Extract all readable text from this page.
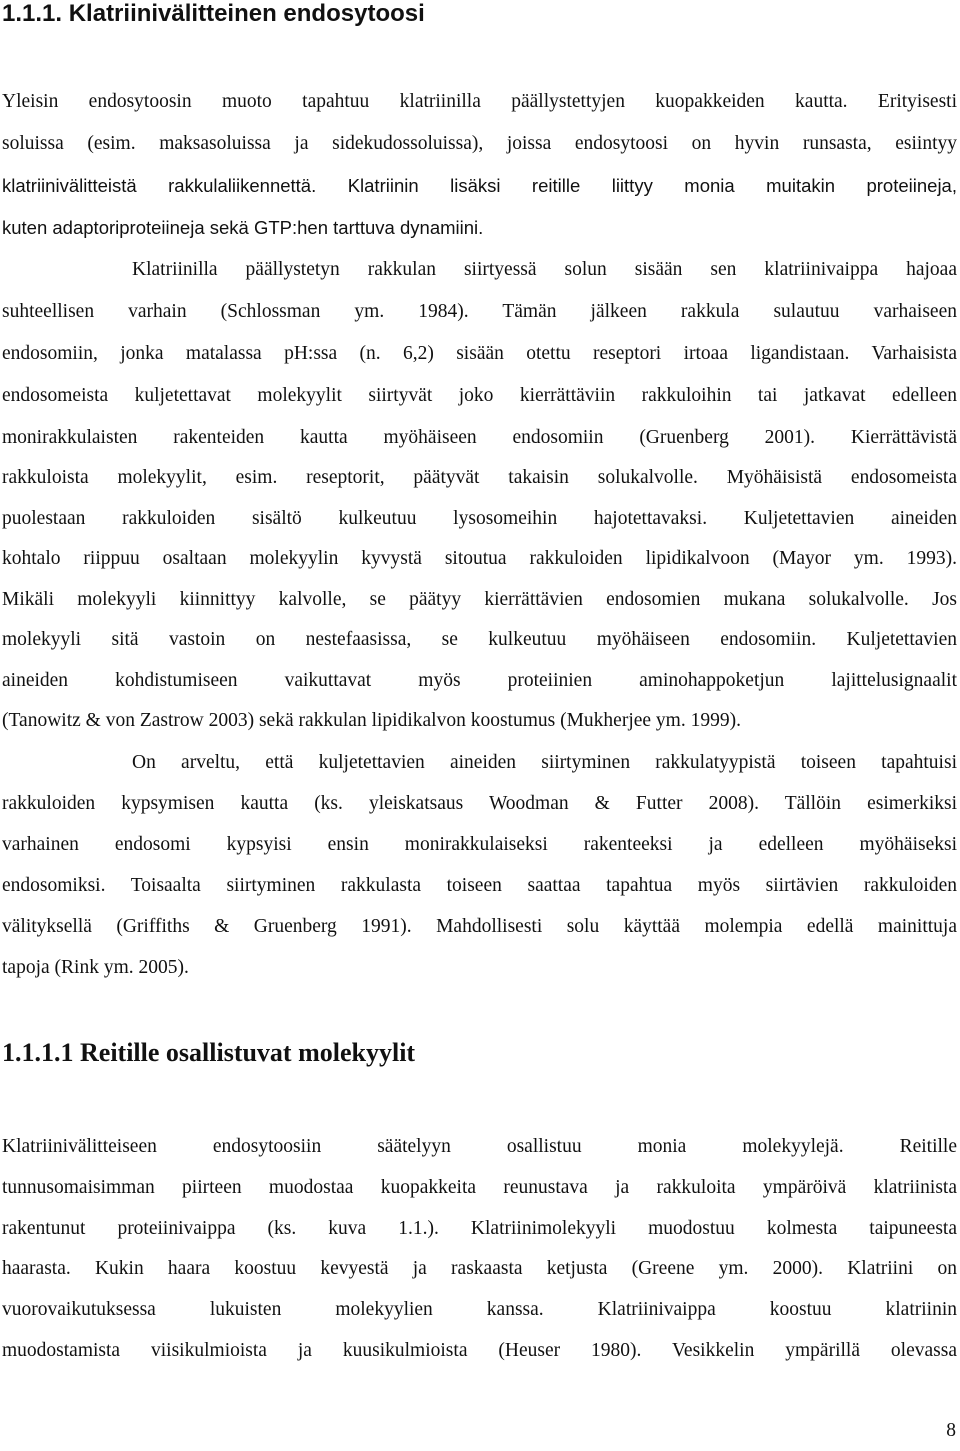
1.1.1. Klatriinivälitteinen endosytoosi

Yleisin endosytoosin muoto tapahtuu klatriinilla päällystettyjen kuopakkeiden kautta. Erityisesti

soluissa (esim. maksasoluissa ja sidekudossoluissa), joissa endosytoosi on hyvin runsasta, esiintyy

klatriinivälitteistä rakkulaliikennettä. Klatriinin lisäksi reitille liittyy monia muitakin proteiineja,

kuten adaptoriproteiineja sekä GTP:hen tarttuva dynamiini.

Klatriinilla päällystetyn rakkulan siirtyessä solun sisään sen klatriinivaippa hajoaa

suhteellisen varhain (Schlossman ym. 1984). Tämän jälkeen rakkula sulautuu varhaiseen

endosomiin, jonka matalassa pH:ssa (n. 6,2) sisään otettu reseptori irtoaa ligandistaan. Varhaisista

endosomeista kuljetettavat molekyylit siirtyvät joko kierrättäviin rakkuloihin tai jatkavat edelleen

monirakkulaisten rakenteiden kautta myöhäiseen endosomiin (Gruenberg 2001). Kierrättävistä

rakkuloista molekyylit, esim. reseptorit, päätyvät takaisin solukalvolle. Myöhäisistä endosomeista

puolestaan rakkuloiden sisältö kulkeutuu lysosomeihin hajotettavaksi. Kuljetettavien aineiden

kohtalo riippuu osaltaan molekyylin kyvystä sitoutua rakkuloiden lipidikalvoon (Mayor ym. 1993).

Mikäli molekyyli kiinnittyy kalvolle, se päätyy kierrättävien endosomien mukana solukalvolle. Jos

molekyyli sitä vastoin on nestefaasissa, se kulkeutuu myöhäiseen endosomiin. Kuljetettavien

aineiden kohdistumiseen vaikuttavat myös proteiinien aminohappoketjun lajittelusignaalit

(Tanowitz & von Zastrow 2003) sekä rakkulan lipidikalvon koostumus (Mukherjee ym. 1999).

On arveltu, että kuljetettavien aineiden siirtyminen rakkulatyypistä toiseen tapahtuisi

rakkuloiden kypsymisen kautta (ks. yleiskatsaus Woodman & Futter 2008). Tällöin esimerkiksi

varhainen endosomi kypsyisi ensin monirakkulaiseksi rakenteeksi ja edelleen myöhäiseksi

endosomiksi. Toisaalta siirtyminen rakkulasta toiseen saattaa tapahtua myös siirtävien rakkuloiden

välityksellä (Griffiths & Gruenberg 1991). Mahdollisesti solu käyttää molempia edellä mainittuja

tapoja (Rink ym. 2005).

1.1.1.1 Reitille osallistuvat molekyylit

Klatriinivälitteiseen endosytoosiin säätelyyn osallistuu monia molekyylejä. Reitille

tunnusomaisimman piirteen muodostaa kuopakkeita reunustava ja rakkuloita ympäröivä klatriinista

rakentunut proteiinivaippa (ks. kuva 1.1.). Klatriinimolekyyli muodostuu kolmesta taipuneesta

haarasta. Kukin haara koostuu kevyestä ja raskaasta ketjusta (Greene ym. 2000). Klatriini on

vuorovaikutuksessa lukuisten molekyylien kanssa. Klatriinivaippa koostuu klatriinin

muodostamista viisikulmioista ja kuusikulmioista (Heuser 1980). Vesikkelin ympärillä olevassa

8
